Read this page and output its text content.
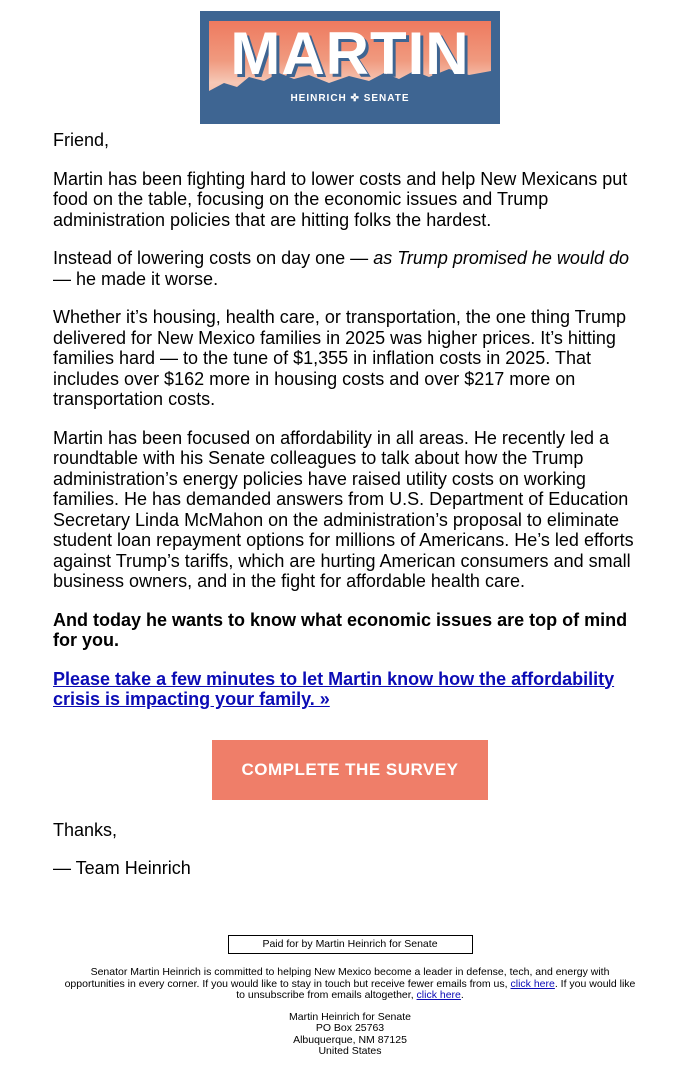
MARTIN
HEINRICH ✜ SENATE

Friend,

Martin has been fighting hard to lower costs and help New Mexicans put food on the table, focusing on the economic issues and Trump administration policies that are hitting folks the hardest.

Instead of lowering costs on day one — as Trump promised he would do — he made it worse.

Whether it’s housing, health care, or transportation, the one thing Trump delivered for New Mexico families in 2025 was higher prices. It’s hitting families hard — to the tune of $1,355 in inflation costs in 2025. That includes over $162 more in housing costs and over $217 more on transportation costs.

Martin has been focused on affordability in all areas. He recently led a roundtable with his Senate colleagues to talk about how the Trump administration’s energy policies have raised utility costs on working families. He has demanded answers from U.S. Department of Education Secretary Linda McMahon on the administration’s proposal to eliminate student loan repayment options for millions of Americans. He’s led efforts against Trump’s tariffs, which are hurting American consumers and small business owners, and in the fight for affordable health care.

And today he wants to know what economic issues are top of mind for you.

Please take a few minutes to let Martin know how the affordability crisis is impacting your family. »

COMPLETE THE SURVEY

Thanks,

— Team Heinrich

Paid for by Martin Heinrich for Senate
Senator Martin Heinrich is committed to helping New Mexico become a leader in defense, tech, and energy with opportunities in every corner. If you would like to stay in touch but receive fewer emails from us, click here. If you would like to unsubscribe from emails altogether, click here.
Martin Heinrich for Senate
PO Box 25763
Albuquerque, NM 87125
United States
